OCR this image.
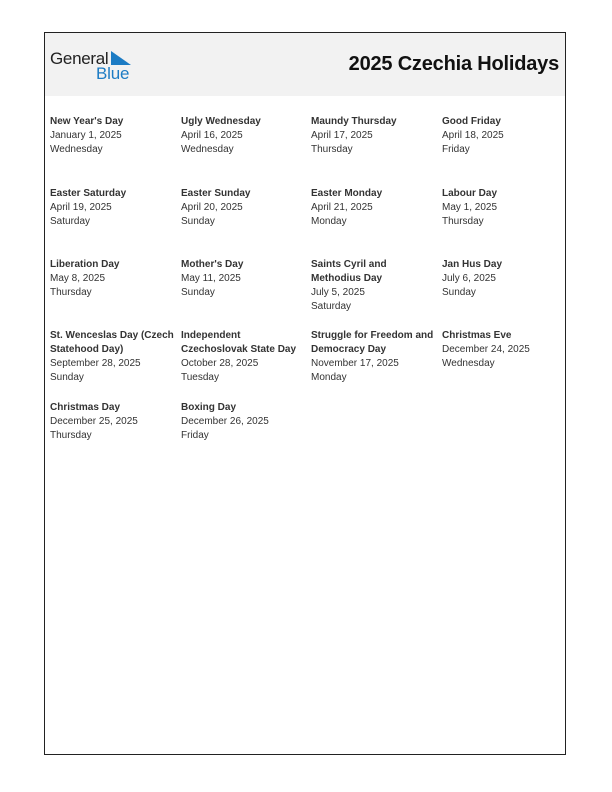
General
Blue	2025 Czechia Holidays
New Year's Day
January 1, 2025
Wednesday
Ugly Wednesday
April 16, 2025
Wednesday
Maundy Thursday
April 17, 2025
Thursday
Good Friday
April 18, 2025
Friday
Easter Saturday
April 19, 2025
Saturday
Easter Sunday
April 20, 2025
Sunday
Easter Monday
April 21, 2025
Monday
Labour Day
May 1, 2025
Thursday
Liberation Day
May 8, 2025
Thursday
Mother's Day
May 11, 2025
Sunday
Saints Cyril and Methodius Day
July 5, 2025
Saturday
Jan Hus Day
July 6, 2025
Sunday
St. Wenceslas Day (Czech Statehood Day)
September 28, 2025
Sunday
Independent Czechoslovak State Day
October 28, 2025
Tuesday
Struggle for Freedom and Democracy Day
November 17, 2025
Monday
Christmas Eve
December 24, 2025
Wednesday
Christmas Day
December 25, 2025
Thursday
Boxing Day
December 26, 2025
Friday
